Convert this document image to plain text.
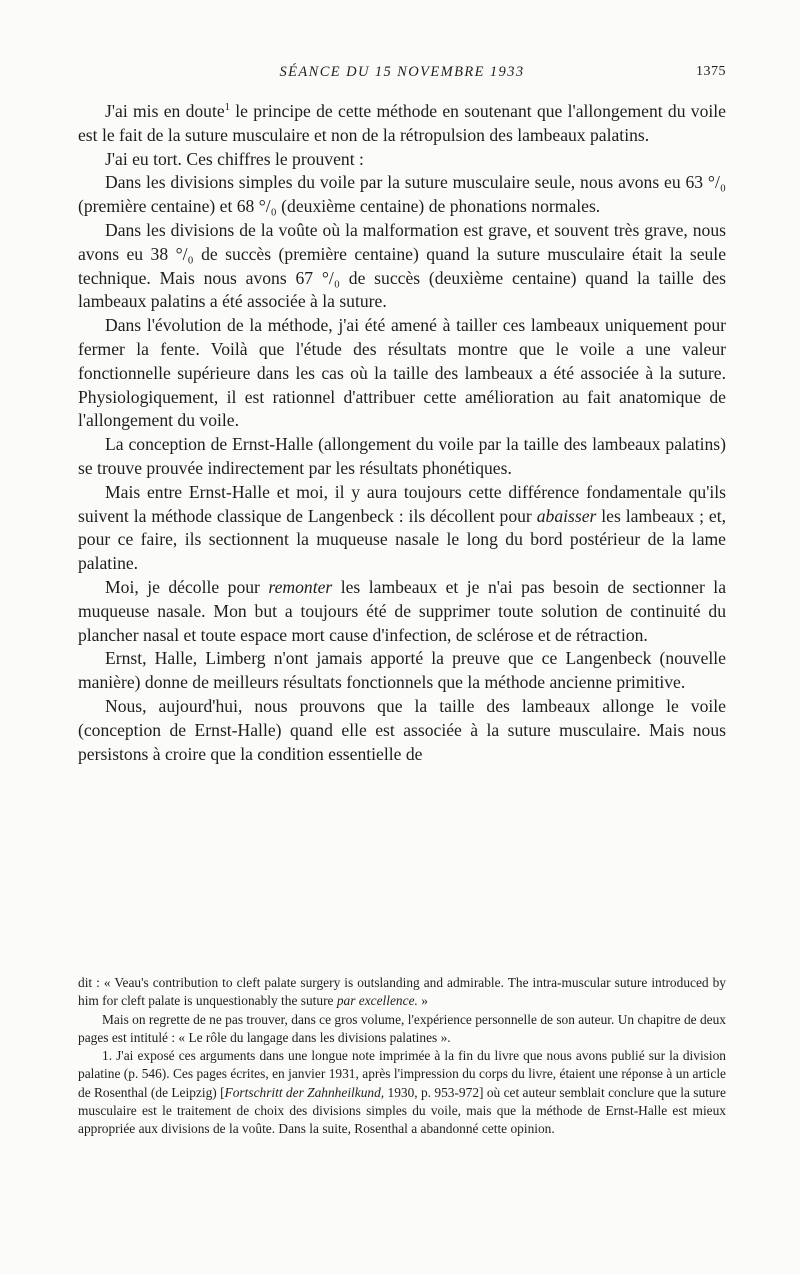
SÉANCE DU 15 NOVEMBRE 1933	1375

J'ai mis en doute$^1$ le principe de cette méthode en soutenant que l'allongement du voile est le fait de la suture musculaire et non de la rétropulsion des lambeaux palatins.

J'ai eu tort. Ces chiffres le prouvent :

Dans les divisions simples du voile par la suture musculaire seule, nous avons eu 63 °/₀ (première centaine) et 68 °/₀ (deuxième centaine) de phonations normales.

Dans les divisions de la voûte où la malformation est grave, et souvent très grave, nous avons eu 38 °/₀ de succès (première centaine) quand la suture musculaire était la seule technique. Mais nous avons 67 °/₀ de succès (deuxième centaine) quand la taille des lambeaux palatins a été associée à la suture.

Dans l'évolution de la méthode, j'ai été amené à tailler ces lambeaux uniquement pour fermer la fente. Voilà que l'étude des résultats montre que le voile a une valeur fonctionnelle supérieure dans les cas où la taille des lambeaux a été associée à la suture. Physiologiquement, il est rationnel d'attribuer cette amélioration au fait anatomique de l'allongement du voile.

La conception de Ernst-Halle (allongement du voile par la taille des lambeaux palatins) se trouve prouvée indirectement par les résultats phonétiques.

Mais entre Ernst-Halle et moi, il y aura toujours cette différence fondamentale qu'ils suivent la méthode classique de Langenbeck : ils décollent pour abaisser les lambeaux ; et, pour ce faire, ils sectionnent la muqueuse nasale le long du bord postérieur de la lame palatine.

Moi, je décolle pour remonter les lambeaux et je n'ai pas besoin de sectionner la muqueuse nasale. Mon but a toujours été de supprimer toute solution de continuité du plancher nasal et toute espace mort cause d'infection, de sclérose et de rétraction.

Ernst, Halle, Limberg n'ont jamais apporté la preuve que ce Langenbeck (nouvelle manière) donne de meilleurs résultats fonctionnels que la méthode ancienne primitive.

Nous, aujourd'hui, nous prouvons que la taille des lambeaux allonge le voile (conception de Ernst-Halle) quand elle est associée à la suture musculaire. Mais nous persistons à croire que la condition essentielle de

dit : « Veau's contribution to cleft palate surgery is outslanding and admirable. The intra-muscular suture introduced by him for cleft palate is unquestionably the suture par excellence. »

Mais on regrette de ne pas trouver, dans ce gros volume, l'expérience personnelle de son auteur. Un chapitre de deux pages est intitulé : « Le rôle du langage dans les divisions palatines ».

1. J'ai exposé ces arguments dans une longue note imprimée à la fin du livre que nous avons publié sur la division palatine (p. 546). Ces pages écrites, en janvier 1931, après l'impression du corps du livre, étaient une réponse à un article de Rosenthal (de Leipzig) [Fortschritt der Zahnheilkund, 1930, p. 953-972] où cet auteur semblait conclure que la suture musculaire est le traitement de choix des divisions simples du voile, mais que la méthode de Ernst-Halle est mieux appropriée aux divisions de la voûte. Dans la suite, Rosenthal a abandonné cette opinion.
